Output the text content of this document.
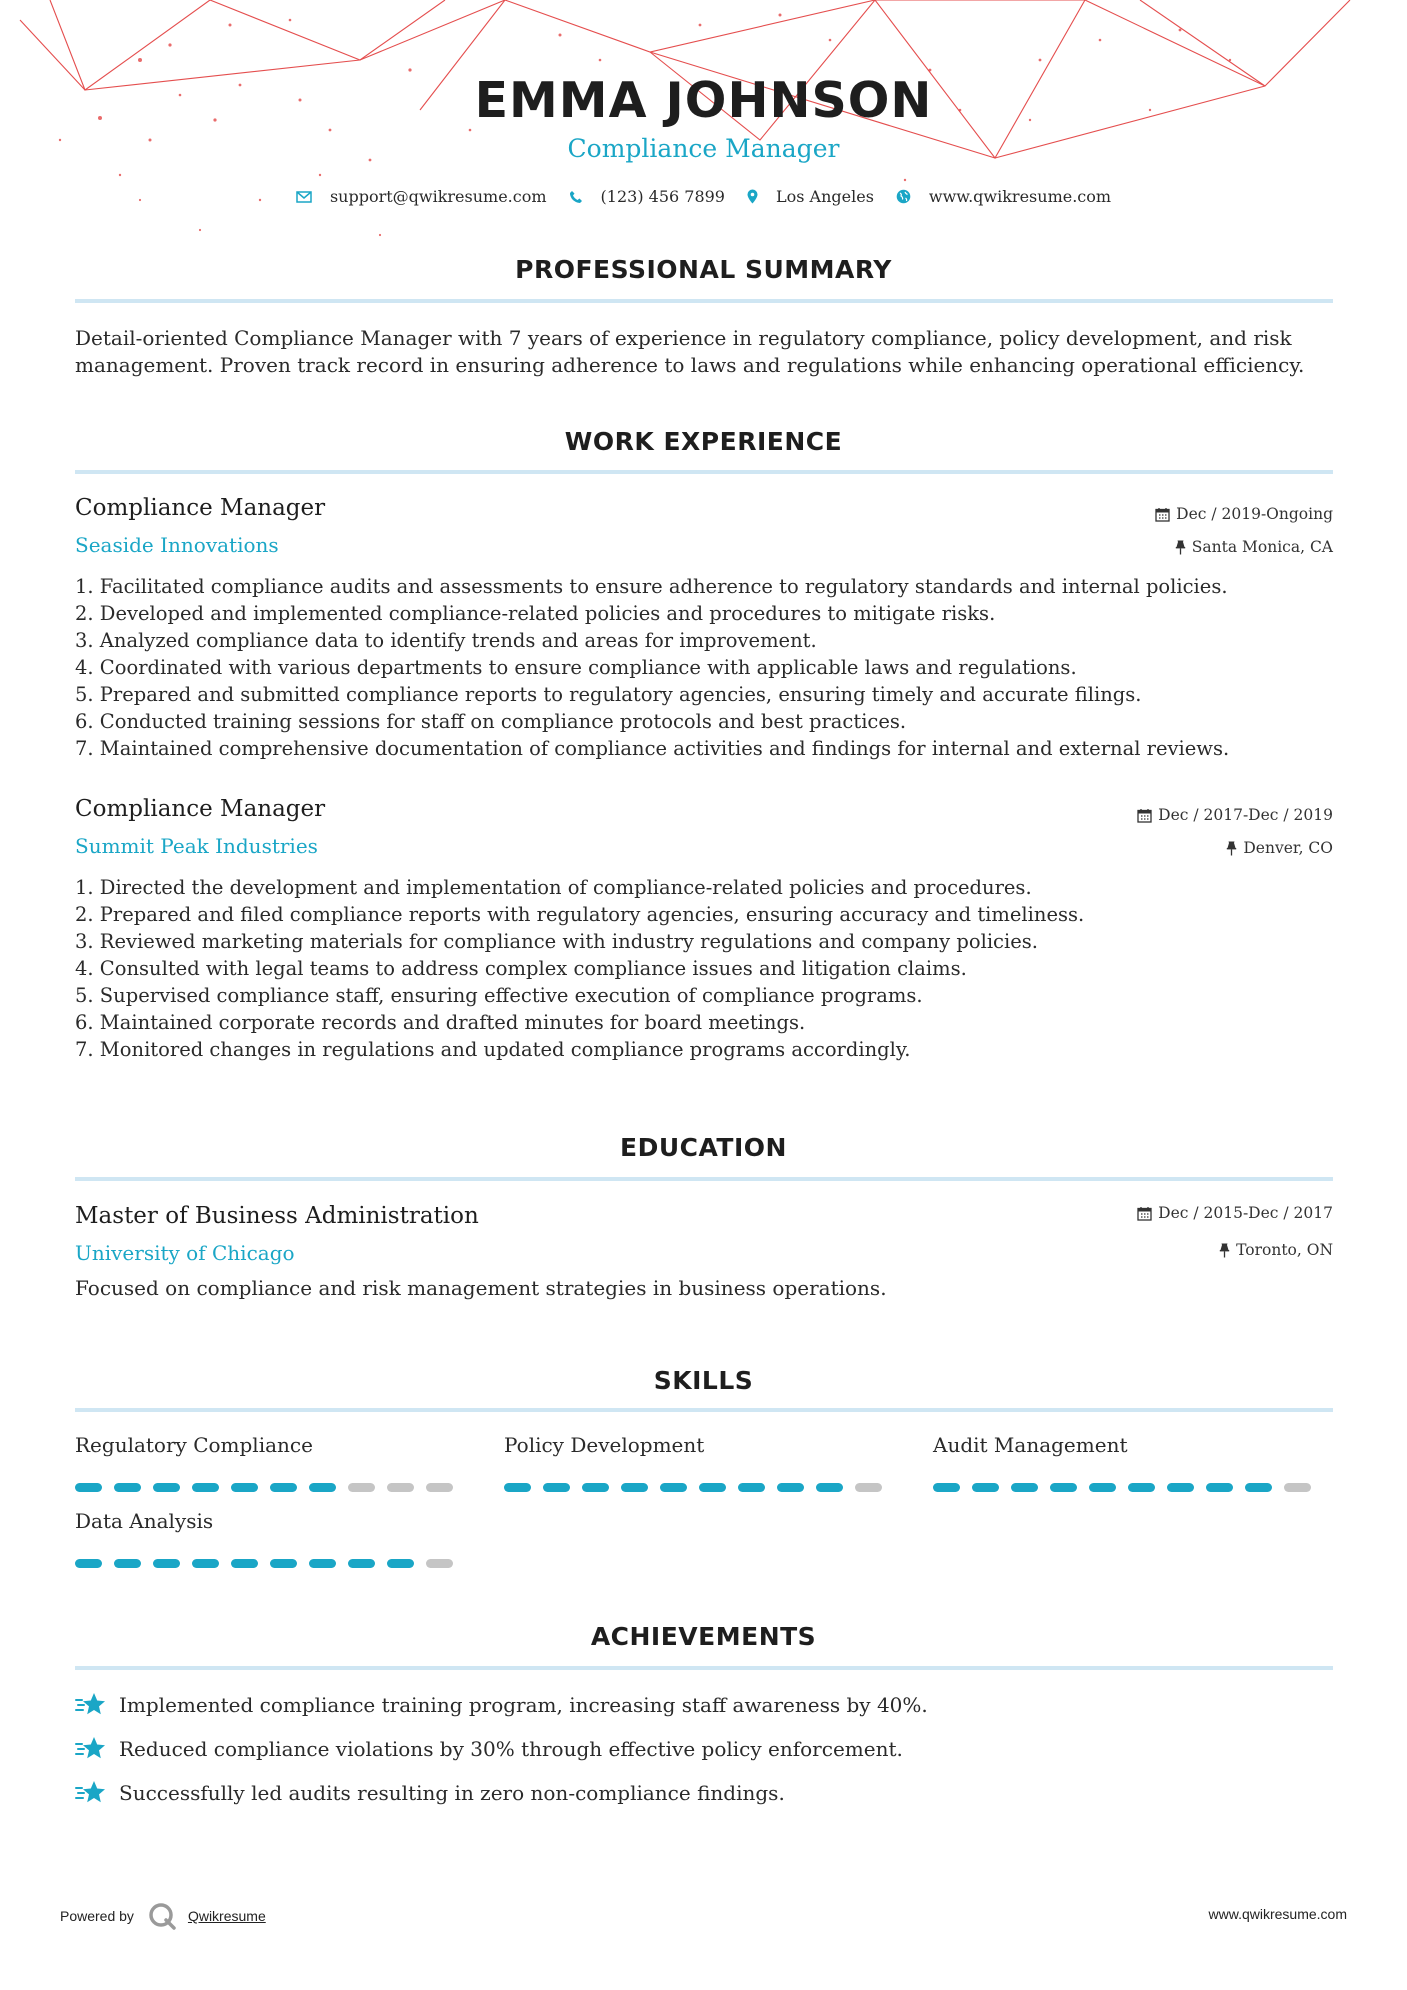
EMMA JOHNSON
Compliance Manager
support@qwikresume.com	(123) 456 7899	Los Angeles	www.qwikresume.com
PROFESSIONAL SUMMARY
Detail-oriented Compliance Manager with 7 years of experience in regulatory compliance, policy development, and risk management. Proven track record in ensuring adherence to laws and regulations while enhancing operational efficiency.
WORK EXPERIENCE
Compliance Manager
Seaside Innovations
Dec / 2019-Ongoing
Santa Monica, CA
1. Facilitated compliance audits and assessments to ensure adherence to regulatory standards and internal policies.
2. Developed and implemented compliance-related policies and procedures to mitigate risks.
3. Analyzed compliance data to identify trends and areas for improvement.
4. Coordinated with various departments to ensure compliance with applicable laws and regulations.
5. Prepared and submitted compliance reports to regulatory agencies, ensuring timely and accurate filings.
6. Conducted training sessions for staff on compliance protocols and best practices.
7. Maintained comprehensive documentation of compliance activities and findings for internal and external reviews.
Compliance Manager
Summit Peak Industries
Dec / 2017-Dec / 2019
Denver, CO
1. Directed the development and implementation of compliance-related policies and procedures.
2. Prepared and filed compliance reports with regulatory agencies, ensuring accuracy and timeliness.
3. Reviewed marketing materials for compliance with industry regulations and company policies.
4. Consulted with legal teams to address complex compliance issues and litigation claims.
5. Supervised compliance staff, ensuring effective execution of compliance programs.
6. Maintained corporate records and drafted minutes for board meetings.
7. Monitored changes in regulations and updated compliance programs accordingly.
EDUCATION
Master of Business Administration
University of Chicago
Dec / 2015-Dec / 2017
Toronto, ON
Focused on compliance and risk management strategies in business operations.
SKILLS
Regulatory Compliance	Policy Development	Audit Management
Data Analysis
ACHIEVEMENTS
Implemented compliance training program, increasing staff awareness by 40%.
Reduced compliance violations by 30% through effective policy enforcement.
Successfully led audits resulting in zero non-compliance findings.
Powered by	Qwikresume	www.qwikresume.com
